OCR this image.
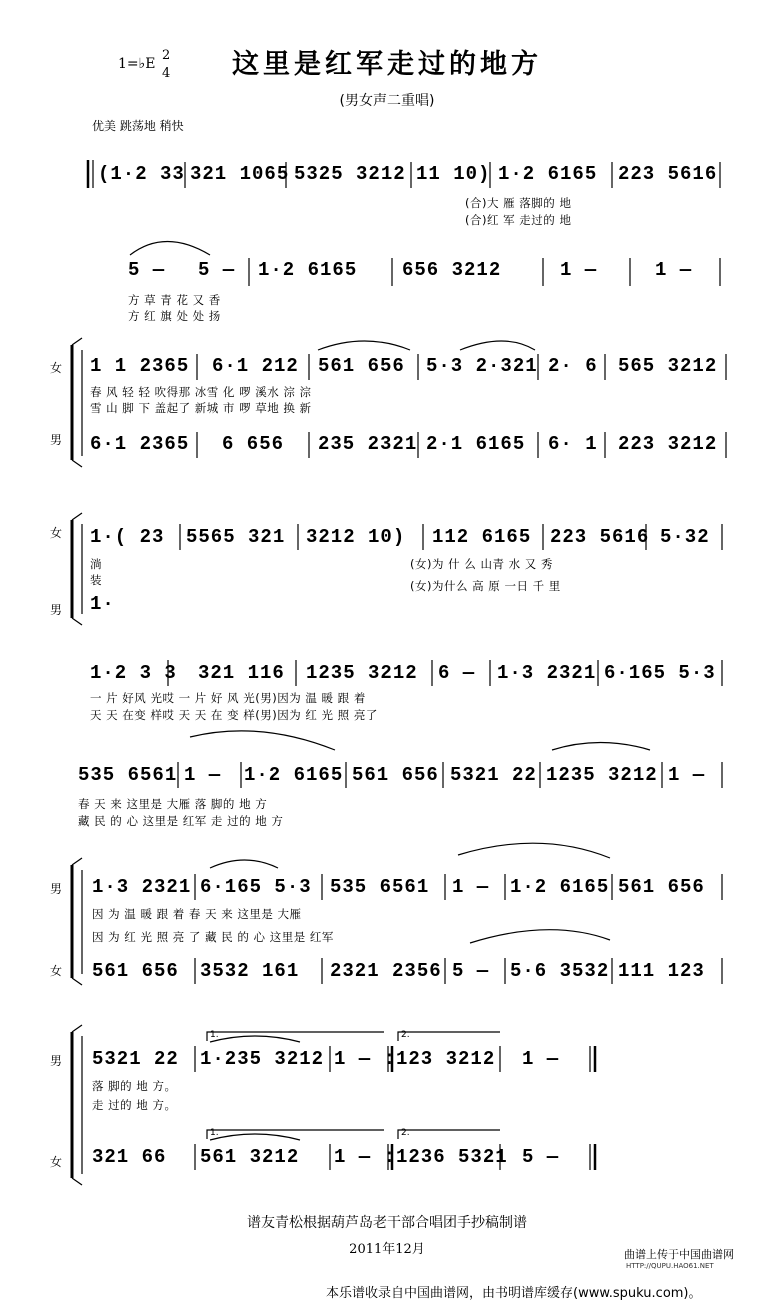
这里是红军走过的地方
(男女声二重唱)
1=♭E
2
4
优美 跳荡地 稍快
女
男
女
男
男
女
男
女
(1·2 33 321 1065 5325 3212 11 10) 1·2 6165 223 5616
(合)大 雁 落脚的 地
(合)红 军 走过的 地
5 — 5 — 1·2 6165 656 3212	1 —	1 —
方 草 青 花 又 香
方 红 旗 处 处 扬
1 1 2365 6·1 212 561 656 5·3 2·321 2· 6 565 3212
春 风 轻 轻 吹得那 冰雪 化 啰 溪水 淙 淙
雪 山 脚 下 盖起了 新城 市 啰 草地 换 新
6·1 2365 6 656 235 2321 2·1 6165 6· 1 223 3212
1·( 23 5565 321 3212 10) 112 6165 223 5616 5·32
淌
装
(女)为 什 么 山青 水 又 秀
(女)为什么 高 原 一日 千 里
1·
1·2 3 3 321 116 1235 3212 6 — 1·3 2321 6·165 5·3
一 片 好风 光哎 一 片 好 风 光(男)因为 温 暖 跟 着
天 天 在变 样哎 天 天 在 变 样(男)因为 红 光 照 亮了
535 6561 1 — 1·2 6165 561 656 5321 22 1235 3212 1 —
春 天 来 这里是 大雁 落 脚的 地 方
藏 民 的 心 这里是 红军 走 过的 地 方
1·3 2321 6·165 5·3 535 6561 1 — 1·2 6165 561 656
因 为 温 暖 跟 着 春 天 来 这里是 大雁
因 为 红 光 照 亮 了 藏 民 的 心 这里是 红军
561 656 3532 161 2321 2356 5 — 5·6 3532 111 123
1.	2.
5321 22 1·235 3212 1 — : 123 3212 1 —
落 脚的 地 方。
走 过的 地 方。
1.	2.
321 66 561 3212 1 — : 1236 5321 5 —
谱友青松根据葫芦岛老干部合唱团手抄稿制谱
2011年12月	曲谱上传于中国曲谱网
HTTP://QUPU.HAO61.NET
本乐谱收录自中国曲谱网，由书明谱库缓存(www.spuku.com)。
